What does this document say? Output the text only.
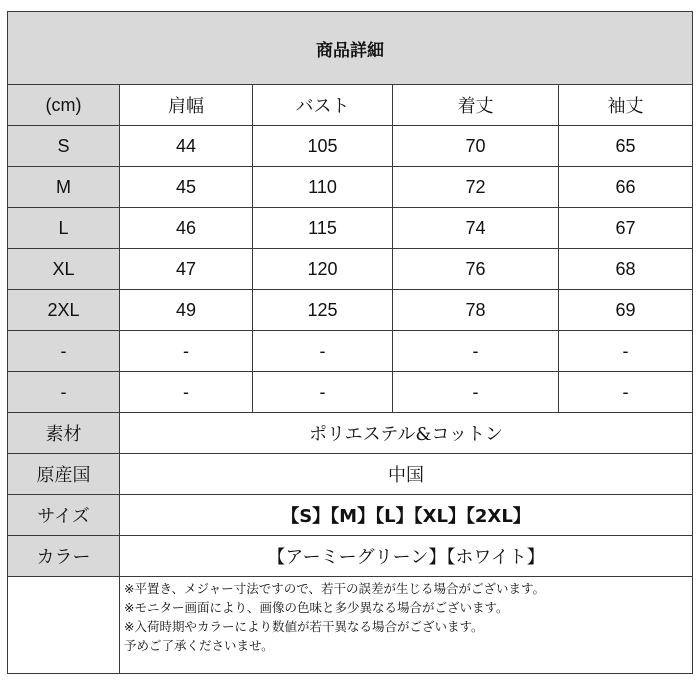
商品詳細				
(cm)	肩幅	バスト	着丈	袖丈
S	44	105	70	65
M	45	110	72	66
L	46	115	74	67
XL	47	120	76	68
2XL	49	125	78	69
-	-	-	-	-
-	-	-	-	-
素材	ポリエステル&コットン			
原産国	中国			
サイズ	【S】【M】【L】【XL】【2XL】			
カラー	【アーミーグリーン】【ホワイト】			

	※平置き、メジャー寸法ですので、若干の誤差が生じる場合がございます。
※モニター画面により、画像の色味と多少異なる場合がございます。
※入荷時期やカラーにより数値が若干異なる場合がございます。
予めご了承くださいませ。			
